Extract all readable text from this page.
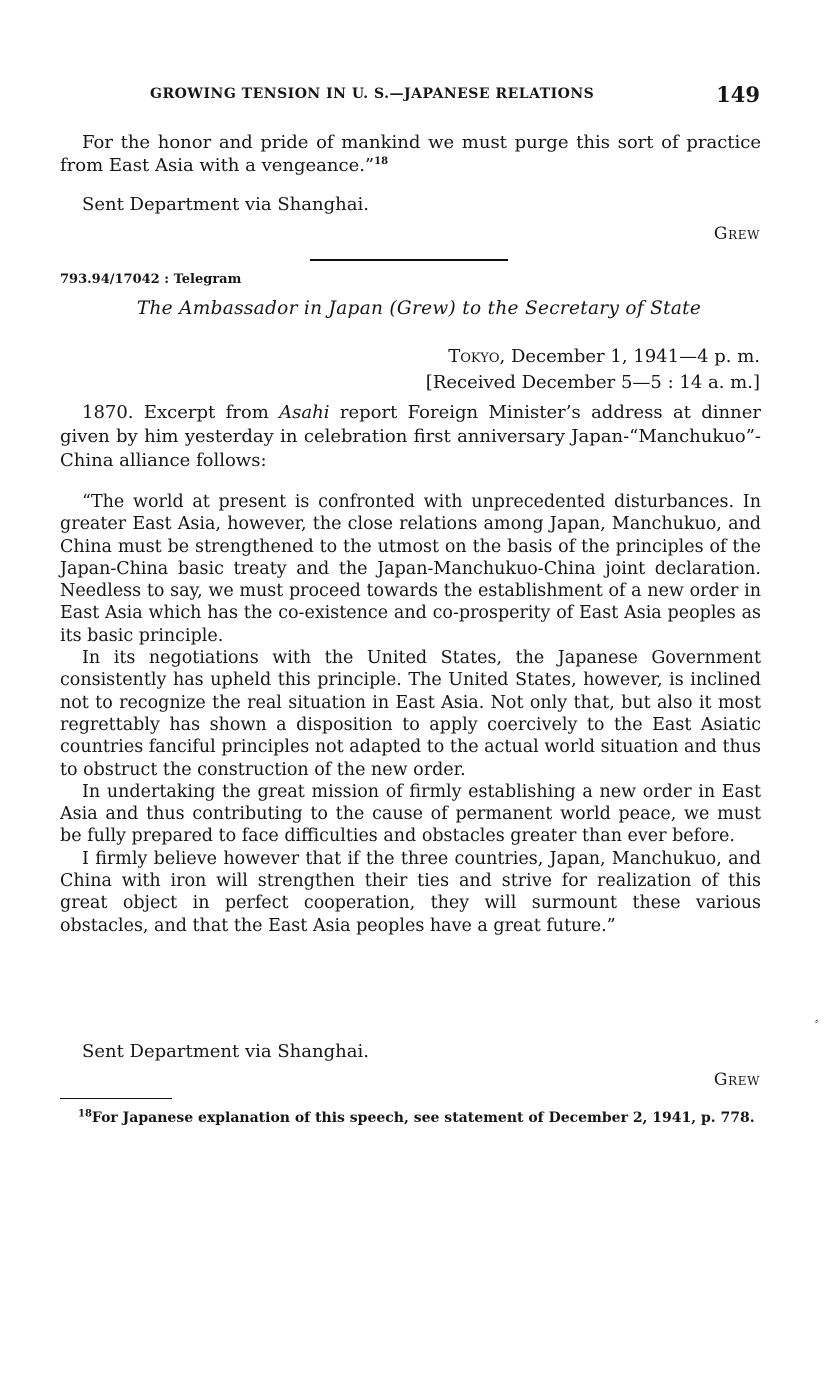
GROWING TENSION IN U. S.—JAPANESE RELATIONS	149

For the honor and pride of mankind we must purge this sort of practice from East Asia with a vengeance.”$^{18}$

Sent Department via Shanghai.

Grew
793.94/17042 : Telegram
The Ambassador in Japan (Grew) to the Secretary of State
Tokyo, December 1, 1941—4 p. m.
[Received December 5—5 : 14 a. m.]

1870. Excerpt from Asahi report Foreign Minister’s address at dinner given by him yesterday in celebration first anniversary Japan-“Manchukuo”-China alliance follows:

“The world at present is confronted with unprecedented disturbances. In greater East Asia, however, the close relations among Japan, Manchukuo, and China must be strengthened to the utmost on the basis of the principles of the Japan-China basic treaty and the Japan-Manchukuo-China joint declaration. Needless to say, we must proceed towards the establishment of a new order in East Asia which has the co-existence and co-prosperity of East Asia peoples as its basic principle.

In its negotiations with the United States, the Japanese Government consistently has upheld this principle. The United States, however, is inclined not to recognize the real situation in East Asia. Not only that, but also it most regrettably has shown a disposition to apply coercively to the East Asiatic countries fanciful principles not adapted to the actual world situation and thus to obstruct the construction of the new order.

In undertaking the great mission of firmly establishing a new order in East Asia and thus contributing to the cause of permanent world peace, we must be fully prepared to face difficulties and obstacles greater than ever before.

I firmly believe however that if the three countries, Japan, Manchukuo, and China with iron will strengthen their ties and strive for realization of this great object in perfect cooperation, they will surmount these various obstacles, and that the East Asia peoples have a great future.”

⸗

Sent Department via Shanghai.

Grew
$^{18}$For Japanese explanation of this speech, see statement of December 2, 1941, p. 778.
